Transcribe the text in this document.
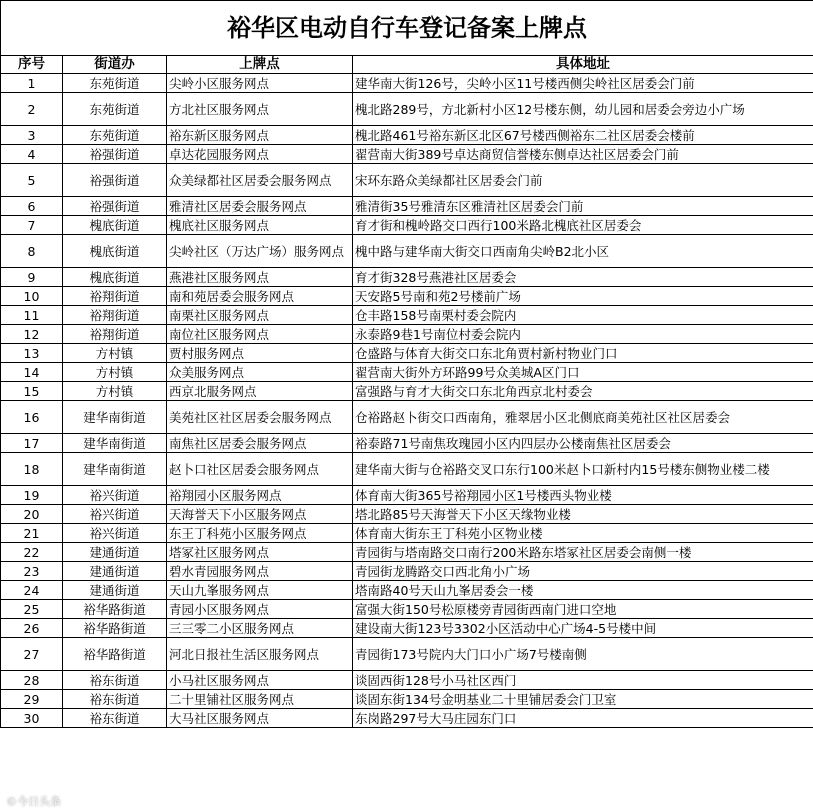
裕华区电动自行车登记备案上牌点			
序号	街道办	上牌点	具体地址
1	东苑街道	尖岭小区服务网点	建华南大街126号，尖岭小区11号楼西侧尖岭社区居委会门前
2	东苑街道	方北社区服务网点	槐北路289号，方北新村小区12号楼东侧，幼儿园和居委会旁边小广场
3	东苑街道	裕东新区服务网点	槐北路461号裕东新区北区67号楼西侧裕东二社区居委会楼前
4	裕强街道	卓达花园服务网点	翟营南大街389号卓达商贸信誉楼东侧卓达社区居委会门前
5	裕强街道	众美绿都社区居委会服务网点	宋环东路众美绿都社区居委会门前
6	裕强街道	雅清社区居委会服务网点	雅清街35号雅清东区雅清社区居委会门前
7	槐底街道	槐底社区服务网点	育才街和槐岭路交口西行100米路北槐底社区居委会
8	槐底街道	尖岭社区（万达广场）服务网点	槐中路与建华南大街交口西南角尖岭B2北小区
9	槐底街道	燕港社区服务网点	育才街328号燕港社区居委会
10	裕翔街道	南和苑居委会服务网点	天安路5号南和苑2号楼前广场
11	裕翔街道	南栗社区服务网点	仓丰路158号南栗村委会院内
12	裕翔街道	南位社区服务网点	永泰路9巷1号南位村委会院内
13	方村镇	贾村服务网点	仓盛路与体育大街交口东北角贾村新村物业门口
14	方村镇	众美服务网点	翟营南大街外方环路99号众美城A区门口
15	方村镇	西京北服务网点	富强路与育才大街交口东北角西京北村委会
16	建华南街道	美苑社区社区居委会服务网点	仓裕路赵卜街交口西南角，雅翠居小区北侧底商美苑社区社区居委会
17	建华南街道	南焦社区居委会服务网点	裕泰路71号南焦玫瑰园小区内四层办公楼南焦社区居委会
18	建华南街道	赵卜口社区居委会服务网点	建华南大街与仓裕路交叉口东行100米赵卜口新村内15号楼东侧物业楼二楼
19	裕兴街道	裕翔园小区服务网点	体育南大街365号裕翔园小区1号楼西头物业楼
20	裕兴街道	天海誉天下小区服务网点	塔北路85号天海誉天下小区天缘物业楼
21	裕兴街道	东王丁科苑小区服务网点	体育南大街东王丁科苑小区物业楼
22	建通街道	塔冢社区服务网点	青园街与塔南路交口南行200米路东塔冢社区居委会南侧一楼
23	建通街道	碧水青园服务网点	青园街龙腾路交口西北角小广场
24	建通街道	天山九峯服务网点	塔南路40号天山九峯居委会一楼
25	裕华路街道	青园小区服务网点	富强大街150号松原楼旁青园街西南门进口空地
26	裕华路街道	三三零二小区服务网点	建设南大街123号3302小区活动中心广场4-5号楼中间
27	裕华路街道	河北日报社生活区服务网点	青园街173号院内大门口小广场7号楼南侧
28	裕东街道	小马社区服务网点	谈固西街128号小马社区西门
29	裕东街道	二十里铺社区服务网点	谈固东街134号金明基业二十里铺居委会门卫室
30	裕东街道	大马社区服务网点	东岗路297号大马庄园东门口
©今日头条
